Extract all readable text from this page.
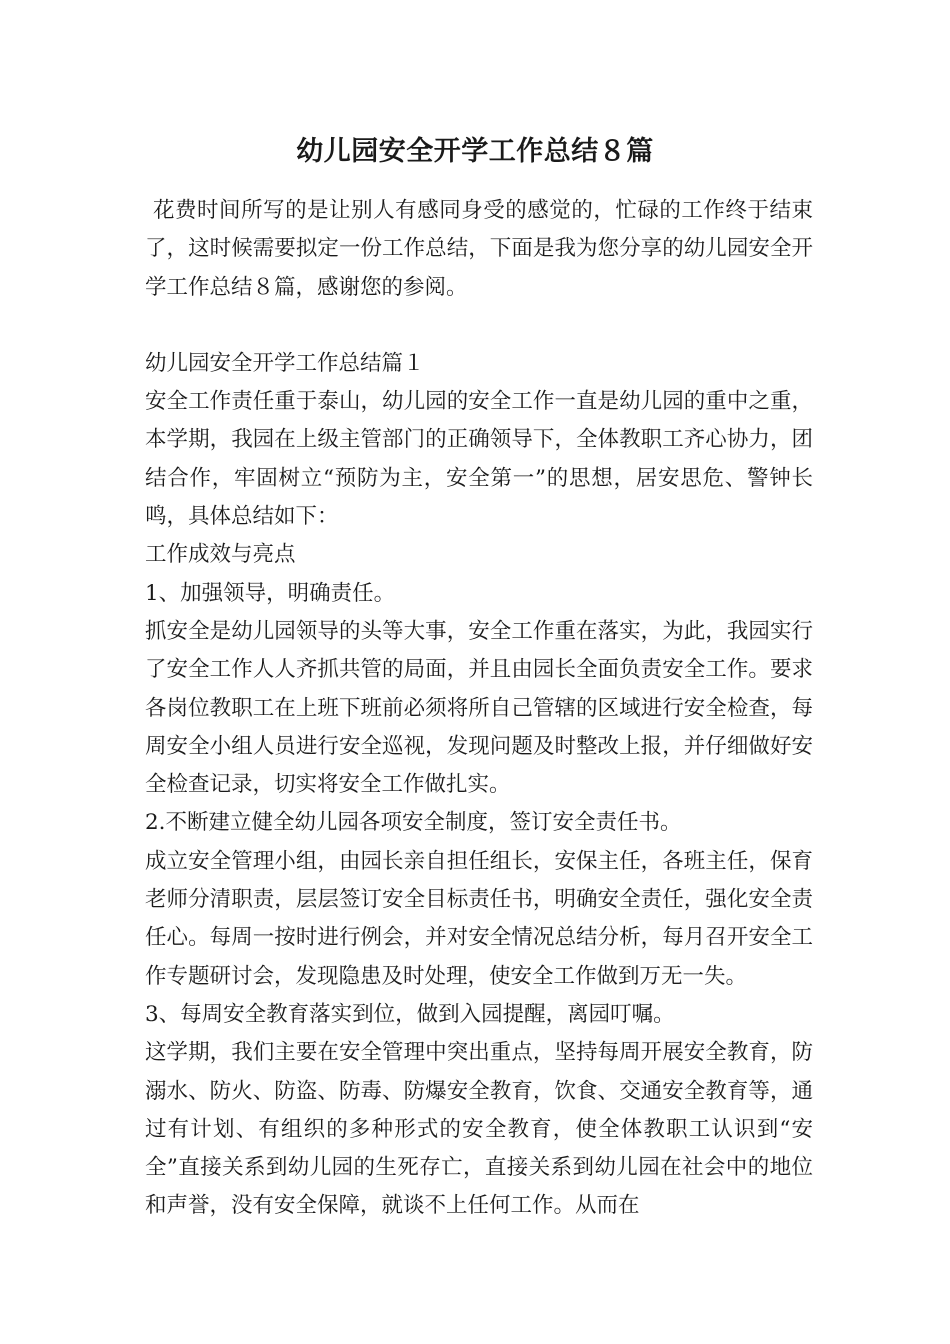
幼儿园安全开学工作总结８篇

花费时间所写的是让别人有感同身受的感觉的，忙碌的工作终于结束了，这时候需要拟定一份工作总结，下面是我为您分享的幼儿园安全开学工作总结８篇，感谢您的参阅。

幼儿园安全开学工作总结篇１

安全工作责任重于泰山，幼儿园的安全工作一直是幼儿园的重中之重，本学期，我园在上级主管部门的正确领导下，全体教职工齐心协力，团结合作，牢固树立“预防为主，安全第一”的思想，居安思危、警钟长鸣，具体总结如下：

工作成效与亮点

1、加强领导，明确责任。

抓安全是幼儿园领导的头等大事，安全工作重在落实，为此，我园实行了安全工作人人齐抓共管的局面，并且由园长全面负责安全工作。要求各岗位教职工在上班下班前必须将所自己管辖的区域进行安全检查，每周安全小组人员进行安全巡视，发现问题及时整改上报，并仔细做好安全检查记录，切实将安全工作做扎实。

2.不断建立健全幼儿园各项安全制度，签订安全责任书。

成立安全管理小组，由园长亲自担任组长，安保主任，各班主任，保育老师分清职责，层层签订安全目标责任书，明确安全责任，强化安全责任心。每周一按时进行例会，并对安全情况总结分析，每月召开安全工作专题研讨会，发现隐患及时处理，使安全工作做到万无一失。

3、每周安全教育落实到位，做到入园提醒，离园叮嘱。

这学期，我们主要在安全管理中突出重点，坚持每周开展安全教育，防溺水、防火、防盗、防毒、防爆安全教育，饮食、交通安全教育等，通过有计划、有组织的多种形式的安全教育，使全体教职工认识到“安全”直接关系到幼儿园的生死存亡，直接关系到幼儿园在社会中的地位和声誉，没有安全保障，就谈不上任何工作。从而在
